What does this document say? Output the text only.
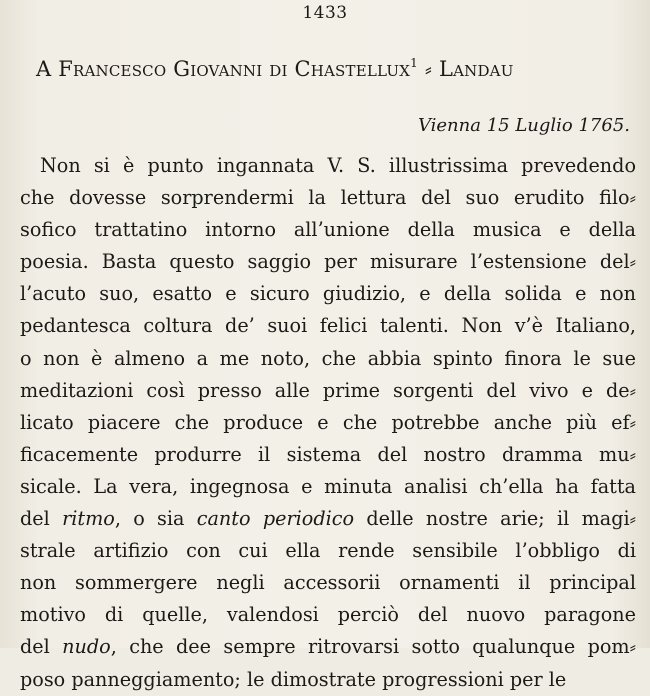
1433
A Francesco Giovanni di Chastellux$^1$ ⸗ Landau
Vienna 15 Luglio 1765.
Non si è punto ingannata V. S. illustrissima prevedendo
che dovesse sorprendermi la lettura del suo erudito filo⸗
sofico trattatino intorno all’unione della musica e della
poesia. Basta questo saggio per misurare l’estensione del⸗
l’acuto suo, esatto e sicuro giudizio, e della solida e non
pedantesca coltura de’ suoi felici talenti. Non v’è Italiano,
o non è almeno a me noto, che abbia spinto finora le sue
meditazioni così presso alle prime sorgenti del vivo e de⸗
licato piacere che produce e che potrebbe anche più ef⸗
ficacemente produrre il sistema del nostro dramma mu⸗
sicale. La vera, ingegnosa e minuta analisi ch’ella ha fatta
del ritmo, o sia canto periodico delle nostre arie; il magi⸗
strale artifizio con cui ella rende sensibile l’obbligo di
non sommergere negli accessorii ornamenti il principal
motivo di quelle, valendosi perciò del nuovo paragone
del nudo, che dee sempre ritrovarsi sotto qualunque pom⸗
poso panneggiamento; le dimostrate progressioni per le
